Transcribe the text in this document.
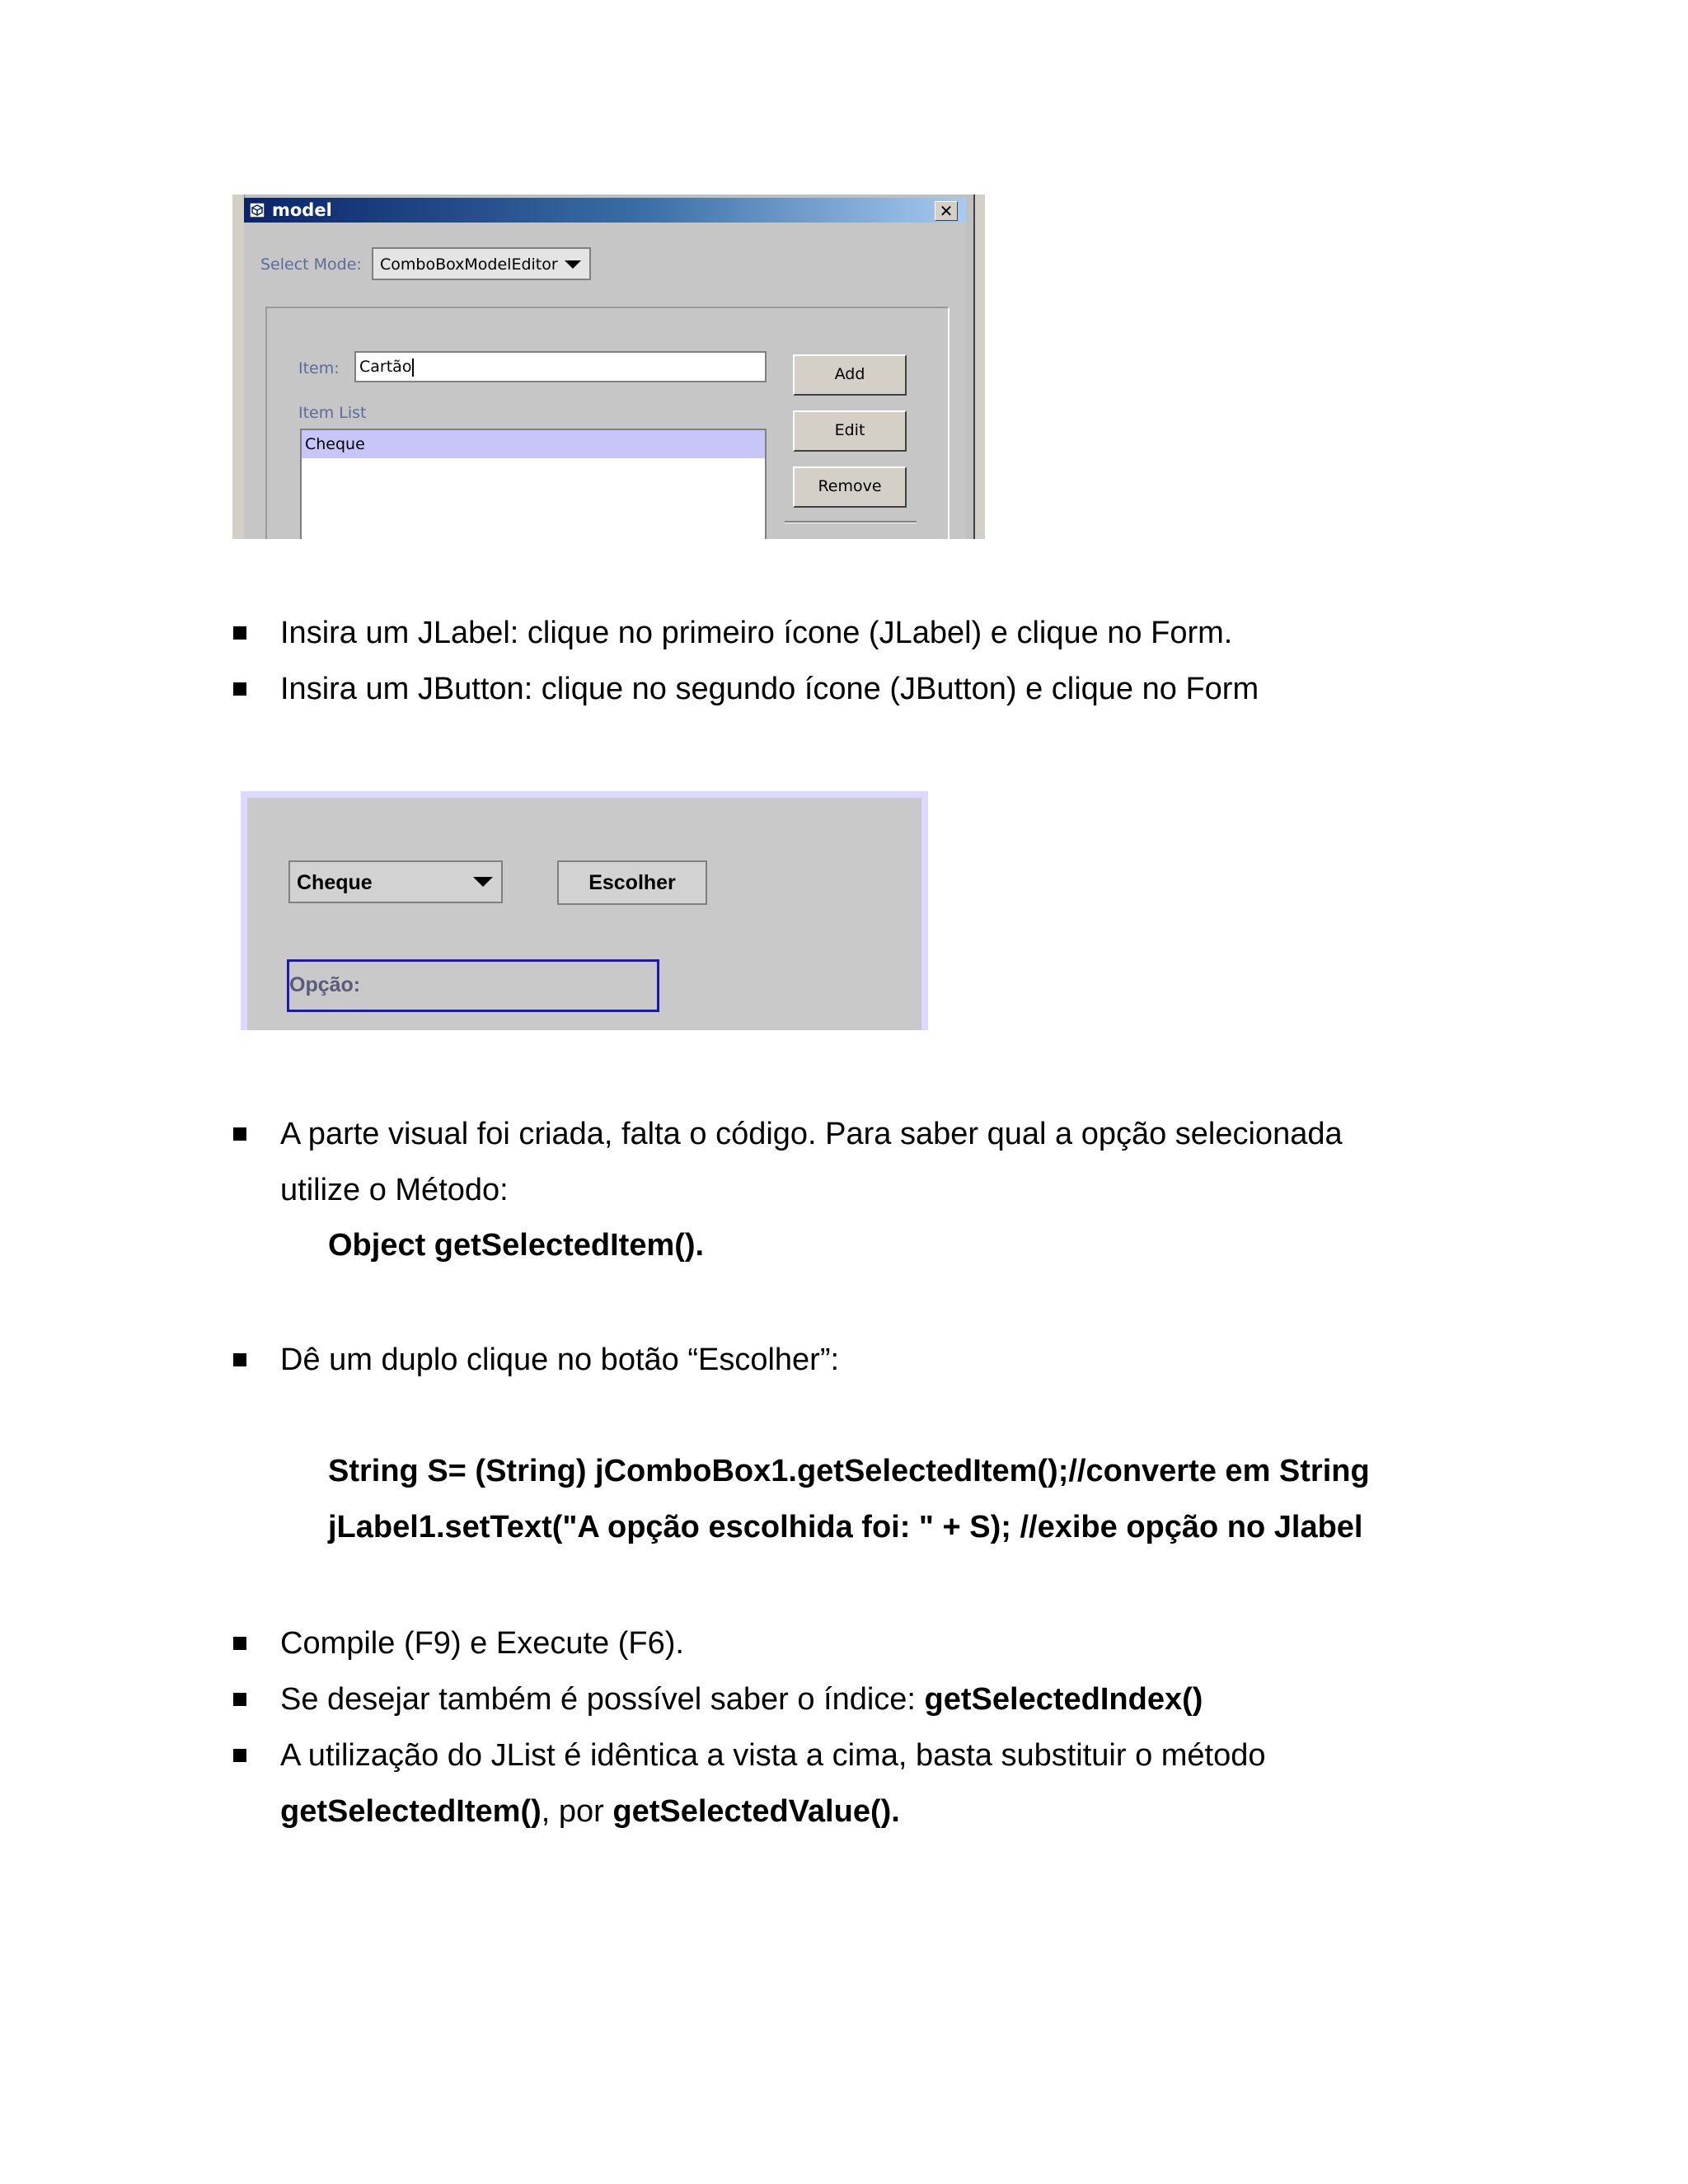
model	✕
Select Mode: ComboBoxModelEditor
Item: Cartão
Item List
Cheque
Add
Edit
Remove
Insira um JLabel: clique no primeiro ícone (JLabel) e clique no Form.
Insira um JButton: clique no segundo ícone (JButton) e clique no Form
Cheque	Escolher
Opção:
A parte visual foi criada, falta o código. Para saber qual a opção selecionada
utilize o Método:
Object getSelectedItem().
Dê um duplo clique no botão “Escolher”:
String S= (String) jComboBox1.getSelectedItem();//converte em String
jLabel1.setText("A opção escolhida foi: " + S); //exibe opção no Jlabel
Compile (F9) e Execute (F6).
Se desejar também é possível saber o índice: getSelectedIndex()
A utilização do JList é idêntica a vista a cima, basta substituir o método
getSelectedItem(), por getSelectedValue().
